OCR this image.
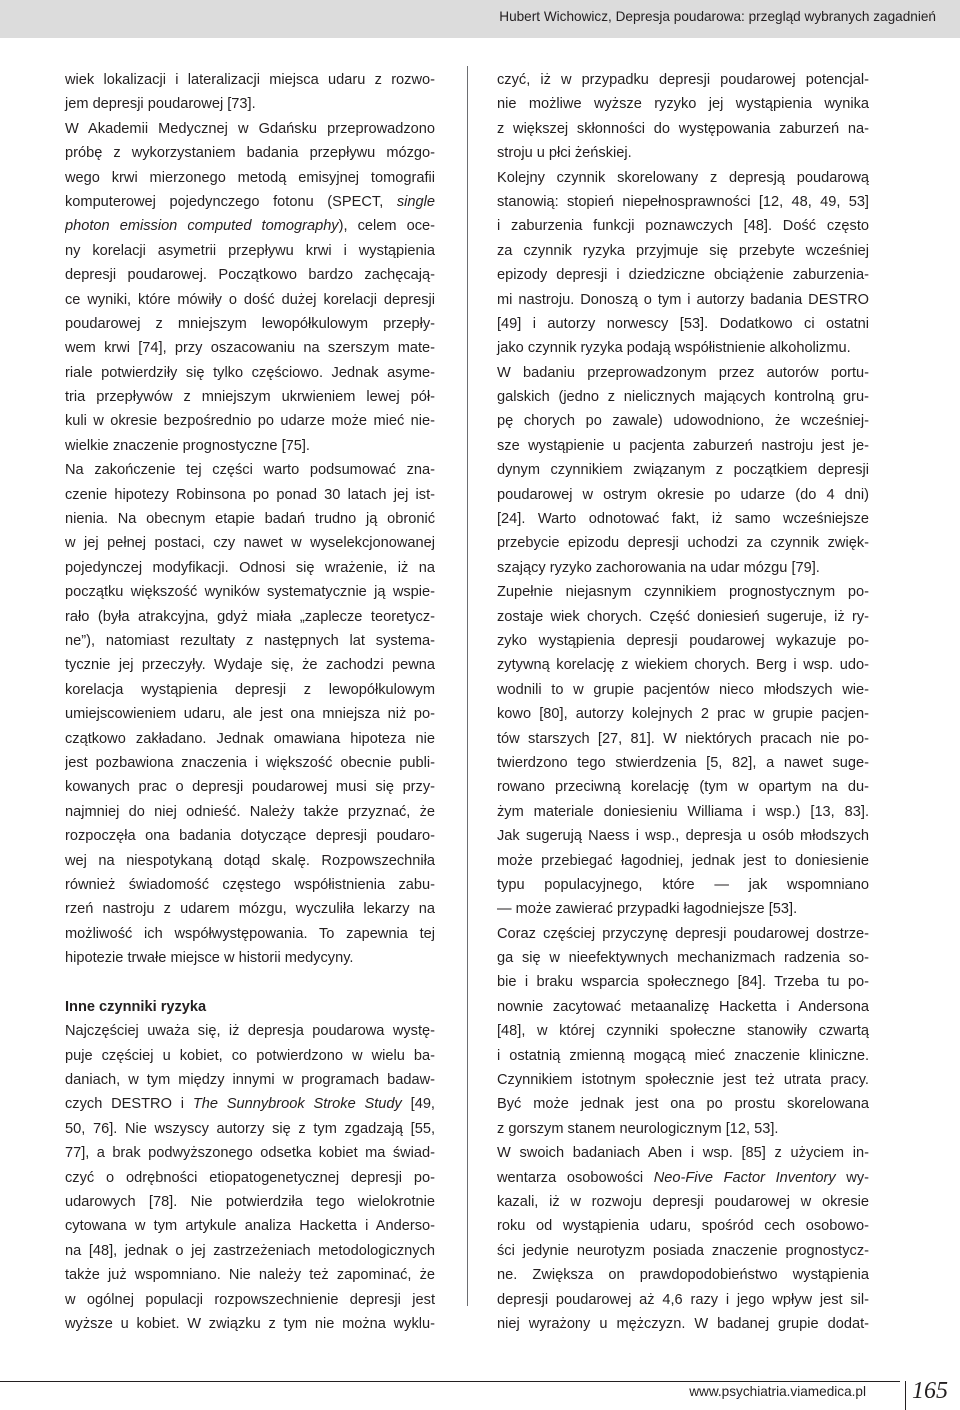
Hubert Wichowicz, Depresja poudarowa: przegląd wybranych zagadnień
wiek lokalizacji i lateralizacji miejsca udaru z rozwo-
jem depresji poudarowej [73].
W Akademii Medycznej w Gdańsku przeprowadzono
próbę z wykorzystaniem badania przepływu mózgo-
wego krwi mierzonego metodą emisyjnej tomografii
komputerowej pojedynczego fotonu (SPECT, single
photon emission computed tomography), celem oce-
ny korelacji asymetrii przepływu krwi i wystąpienia
depresji poudarowej. Początkowo bardzo zachęcają-
ce wyniki, które mówiły o dość dużej korelacji depresji
poudarowej z mniejszym lewopółkulowym przepły-
wem krwi [74], przy oszacowaniu na szerszym mate-
riale potwierdziły się tylko częściowo. Jednak asyme-
tria przepływów z mniejszym ukrwieniem lewej pół-
kuli w okresie bezpośrednio po udarze może mieć nie-
wielkie znaczenie prognostyczne [75].
Na zakończenie tej części warto podsumować zna-
czenie hipotezy Robinsona po ponad 30 latach jej ist-
nienia. Na obecnym etapie badań trudno ją obronić
w jej pełnej postaci, czy nawet w wyselekcjonowanej
pojedynczej modyfikacji. Odnosi się wrażenie, iż na
początku większość wyników systematycznie ją wspie-
rało (była atrakcyjna, gdyż miała „zaplecze teoretycz-
ne”), natomiast rezultaty z następnych lat systema-
tycznie jej przeczyły. Wydaje się, że zachodzi pewna
korelacja wystąpienia depresji z lewopółkulowym
umiejscowieniem udaru, ale jest ona mniejsza niż po-
czątkowo zakładano. Jednak omawiana hipoteza nie
jest pozbawiona znaczenia i większość obecnie publi-
kowanych prac o depresji poudarowej musi się przy-
najmniej do niej odnieść. Należy także przyznać, że
rozpoczęła ona badania dotyczące depresji poudaro-
wej na niespotykaną dotąd skalę. Rozpowszechniła
również świadomość częstego współistnienia zabu-
rzeń nastroju z udarem mózgu, wyczuliła lekarzy na
możliwość ich współwystępowania. To zapewnia tej
hipotezie trwałe miejsce w historii medycyny.
Inne czynniki ryzyka
Najczęściej uważa się, iż depresja poudarowa wystę-
puje częściej u kobiet, co potwierdzono w wielu ba-
daniach, w tym między innymi w programach badaw-
czych DESTRO i The Sunnybrook Stroke Study [49,
50, 76]. Nie wszyscy autorzy się z tym zgadzają [55,
77], a brak podwyższonego odsetka kobiet ma świad-
czyć o odrębności etiopatogenetycznej depresji po-
udarowych [78]. Nie potwierdziła tego wielokrotnie
cytowana w tym artykule analiza Hacketta i Anderso-
na [48], jednak o jej zastrzeżeniach metodologicznych
także już wspomniano. Nie należy też zapominać, że
w ogólnej populacji rozpowszechnienie depresji jest
wyższe u kobiet. W związku z tym nie można wyklu-
czyć, iż w przypadku depresji poudarowej potencjal-
nie możliwe wyższe ryzyko jej wystąpienia wynika
z większej skłonności do występowania zaburzeń na-
stroju u płci żeńskiej.
Kolejny czynnik skorelowany z depresją poudarową
stanowią: stopień niepełnosprawności [12, 48, 49, 53]
i zaburzenia funkcji poznawczych [48]. Dość często
za czynnik ryzyka przyjmuje się przebyte wcześniej
epizody depresji i dziedziczne obciążenie zaburzenia-
mi nastroju. Donoszą o tym i autorzy badania DESTRO
[49] i autorzy norwescy [53]. Dodatkowo ci ostatni
jako czynnik ryzyka podają współistnienie alkoholizmu.
W badaniu przeprowadzonym przez autorów portu-
galskich (jedno z nielicznych mających kontrolną gru-
pę chorych po zawale) udowodniono, że wcześniej-
sze wystąpienie u pacjenta zaburzeń nastroju jest je-
dynym czynnikiem związanym z początkiem depresji
poudarowej w ostrym okresie po udarze (do 4 dni)
[24]. Warto odnotować fakt, iż samo wcześniejsze
przebycie epizodu depresji uchodzi za czynnik zwięk-
szający ryzyko zachorowania na udar mózgu [79].
Zupełnie niejasnym czynnikiem prognostycznym po-
zostaje wiek chorych. Część doniesień sugeruje, iż ry-
zyko wystąpienia depresji poudarowej wykazuje po-
zytywną korelację z wiekiem chorych. Berg i wsp. udo-
wodnili to w grupie pacjentów nieco młodszych wie-
kowo [80], autorzy kolejnych 2 prac w grupie pacjen-
tów starszych [27, 81]. W niektórych pracach nie po-
twierdzono tego stwierdzenia [5, 82], a nawet suge-
rowano przeciwną korelację (tym w opartym na du-
żym materiale doniesieniu Williama i wsp.) [13, 83].
Jak sugerują Naess i wsp., depresja u osób młodszych
może przebiegać łagodniej, jednak jest to doniesienie
typu populacyjnego, które — jak wspomniano
— może zawierać przypadki łagodniejsze [53].
Coraz częściej przyczynę depresji poudarowej dostrze-
ga się w nieefektywnych mechanizmach radzenia so-
bie i braku wsparcia społecznego [84]. Trzeba tu po-
nownie zacytować metaanalizę Hacketta i Andersona
[48], w której czynniki społeczne stanowiły czwartą
i ostatnią zmienną mogącą mieć znaczenie kliniczne.
Czynnikiem istotnym społecznie jest też utrata pracy.
Być może jednak jest ona po prostu skorelowana
z gorszym stanem neurologicznym [12, 53].
W swoich badaniach Aben i wsp. [85] z użyciem in-
wentarza osobowości Neo-Five Factor Inventory wy-
kazali, iż w rozwoju depresji poudarowej w okresie
roku od wystąpienia udaru, spośród cech osobowo-
ści jedynie neurotyzm posiada znaczenie prognostycz-
ne. Zwiększa on prawdopodobieństwo wystąpienia
depresji poudarowej aż 4,6 razy i jego wpływ jest sil-
niej wyrażony u mężczyzn. W badanej grupie dodat-
www.psychiatria.viamedica.pl 165
